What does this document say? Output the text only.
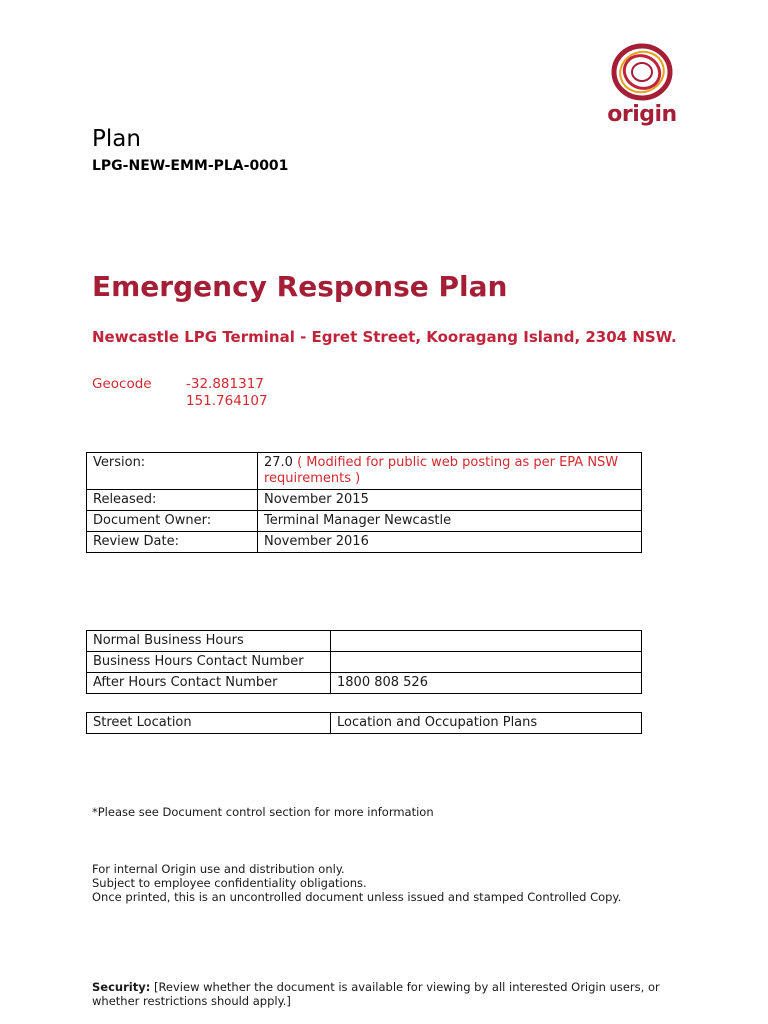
origin
Plan
LPG-NEW-EMM-PLA-0001
Emergency Response Plan
Newcastle LPG Terminal - Egret Street, Kooragang Island, 2304 NSW.
Geocode	-32.881317
151.764107
Version:	27.0 ( Modified for public web posting as per EPA NSW requirements )
Released:	November 2015
Document Owner:	Terminal Manager Newcastle
Review Date:	November 2016
Normal Business Hours	
Business Hours Contact Number	
After Hours Contact Number	1800 808 526
Street Location	Location and Occupation Plans
*Please see Document control section for more information
For internal Origin use and distribution only.
Subject to employee confidentiality obligations.
Once printed, this is an uncontrolled document unless issued and stamped Controlled Copy.
Security: [Review whether the document is available for viewing by all interested Origin users, or whether restrictions should apply.]
